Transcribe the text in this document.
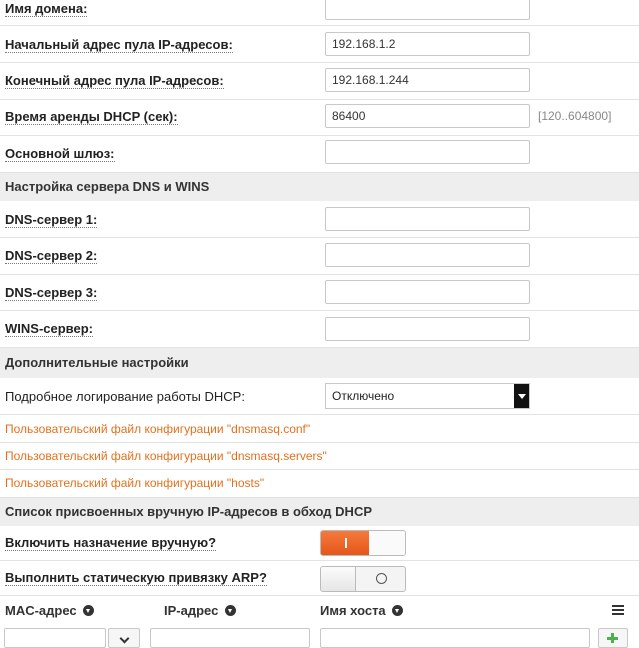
Имя домена:
Начальный адрес пула IP-адресов:
192.168.1.2
Конечный адрес пула IP-адресов:
192.168.1.244
Время аренды DHCP (сек):
86400	[120..604800]
Основной шлюз:
Настройка сервера DNS и WINS
DNS-сервер 1:
DNS-сервер 2:
DNS-сервер 3:
WINS-сервер:
Дополнительные настройки
Подробное логирование работы DHCP:	Отключено
Пользовательский файл конфигурации "dnsmasq.conf"
Пользовательский файл конфигурации "dnsmasq.servers"
Пользовательский файл конфигурации "hosts"
Список присвоенных вручную IP-адресов в обход DHCP
Включить назначение вручную?
Выполнить статическую привязку ARP?
MAC-адрес	IP-адрес	Имя хоста
